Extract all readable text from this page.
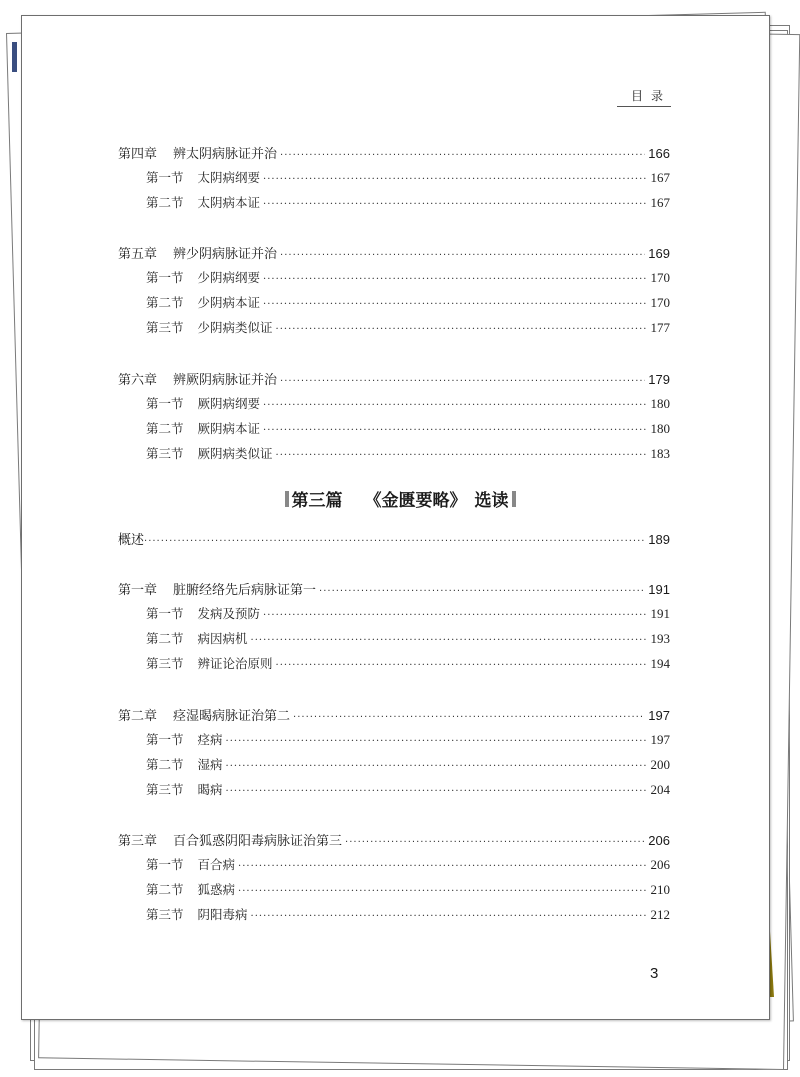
目录
第四章 辨太阴病脉证并治 ·····	166
第一节 太阴病纲要 ·····	167
第二节 太阴病本证 ·····	167
第五章 辨少阴病脉证并治 ·····	169
第一节 少阴病纲要 ·····	170
第二节 少阴病本证 ·····	170
第三节 少阴病类似证 ·····	177
第六章 辨厥阴病脉证并治 ·····	179
第一节 厥阴病纲要 ·····	180
第二节 厥阴病本证 ·····	180
第三节 厥阴病类似证 ·····	183
概述 ·····	189
第一章 脏腑经络先后病脉证第一 ·····	191
第一节 发病及预防 ·····	191
第二节 病因病机 ·····	193
第三节 辨证论治原则 ·····	194
第二章 痉湿暍病脉证治第二 ·····	197
第一节 痉病 ·····	197
第二节 湿病 ·····	200
第三节 暍病 ·····	204
第三章 百合狐惑阴阳毒病脉证治第三 ·····	206
第一节 百合病 ·····	206
第二节 狐惑病 ·····	210
第三节 阴阳毒病 ·····	212
第三篇 《金匮要略》 选读
3
